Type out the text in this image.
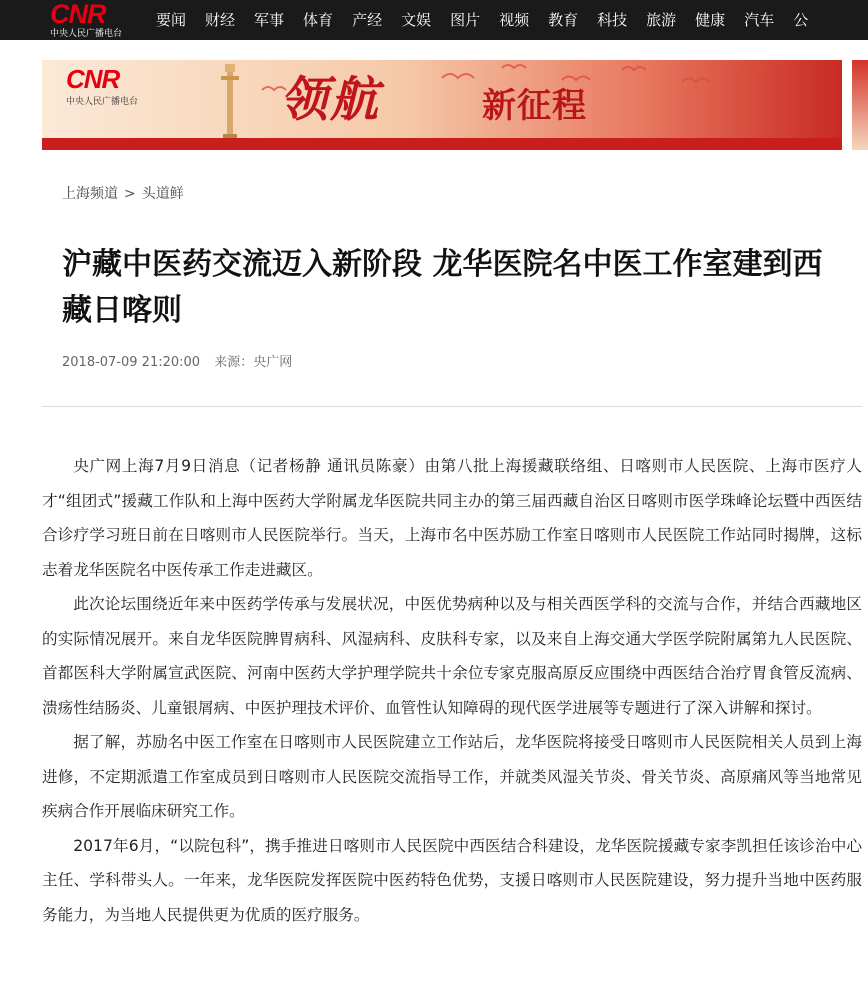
CNR
中央人民广播电台
要闻 财经 军事 体育 产经 文娱 图片 视频 教育 科技 旅游 健康 汽车 公
CNR
中央人民广播电台	领航	新征程
上海频道 > 头道鲜
沪藏中医药交流迈入新阶段 龙华医院名中医工作室建到西藏日喀则
2018-07-09 21:20:00 来源：央广网

央广网上海7月9日消息（记者杨静 通讯员陈豪）由第八批上海援藏联络组、日喀则市人民医院、上海市医疗人才“组团式”援藏工作队和上海中医药大学附属龙华医院共同主办的第三届西藏自治区日喀则市医学珠峰论坛暨中西医结合诊疗学习班日前在日喀则市人民医院举行。当天，上海市名中医苏励工作室日喀则市人民医院工作站同时揭牌，这标志着龙华医院名中医传承工作走进藏区。

此次论坛围绕近年来中医药学传承与发展状况，中医优势病种以及与相关西医学科的交流与合作，并结合西藏地区的实际情况展开。来自龙华医院脾胃病科、风湿病科、皮肤科专家，以及来自上海交通大学医学院附属第九人民医院、首都医科大学附属宣武医院、河南中医药大学护理学院共十余位专家克服高原反应围绕中西医结合治疗胃食管反流病、溃疡性结肠炎、儿童银屑病、中医护理技术评价、血管性认知障碍的现代医学进展等专题进行了深入讲解和探讨。

据了解，苏励名中医工作室在日喀则市人民医院建立工作站后，龙华医院将接受日喀则市人民医院相关人员到上海进修，不定期派遣工作室成员到日喀则市人民医院交流指导工作，并就类风湿关节炎、骨关节炎、高原痛风等当地常见疾病合作开展临床研究工作。

2017年6月，“以院包科”，携手推进日喀则市人民医院中西医结合科建设，龙华医院援藏专家李凯担任该诊治中心主任、学科带头人。一年来，龙华医院发挥医院中医药特色优势，支援日喀则市人民医院建设，努力提升当地中医药服务能力，为当地人民提供更为优质的医疗服务。
